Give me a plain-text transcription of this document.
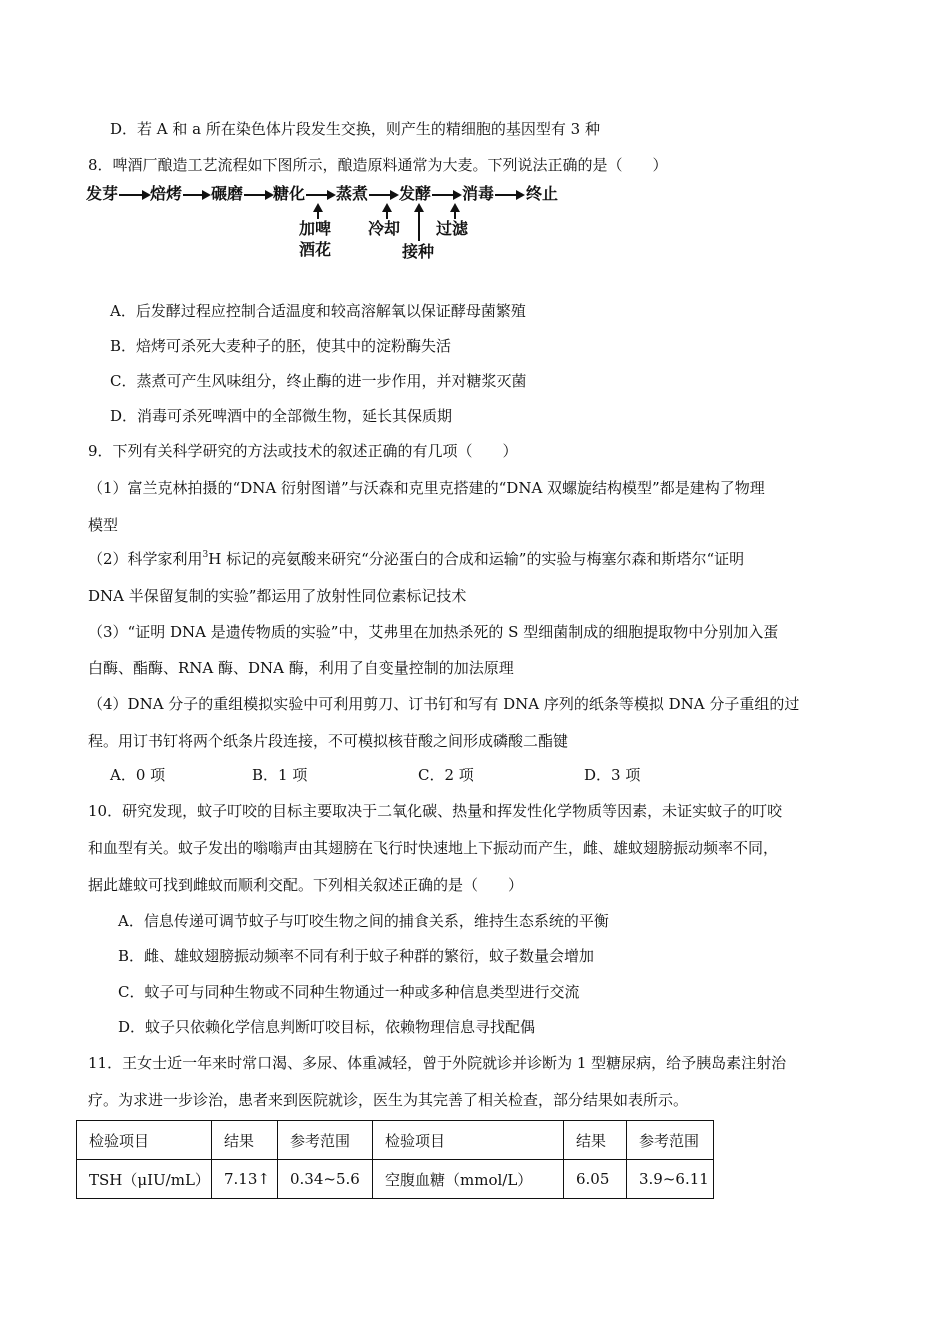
D．若 A 和 a 所在染色体片段发生交换，则产生的精细胞的基因型有 3 种
8．啤酒厂酿造工艺流程如下图所示，酿造原料通常为大麦。下列说法正确的是（　　）
发芽 焙烤 碾磨 糖化 蒸煮 发酵 消毒 终止
加啤
酒花
冷却
接种
过滤
A．后发酵过程应控制合适温度和较高溶解氧以保证酵母菌繁殖
B．焙烤可杀死大麦种子的胚，使其中的淀粉酶失活
C．蒸煮可产生风味组分，终止酶的进一步作用，并对糖浆灭菌
D．消毒可杀死啤酒中的全部微生物，延长其保质期
9．下列有关科学研究的方法或技术的叙述正确的有几项（　　）
（1）富兰克林拍摄的“DNA 衍射图谱”与沃森和克里克搭建的“DNA 双螺旋结构模型”都是建构了物理
模型
（2）科学家利用$^3$H 标记的亮氨酸来研究“分泌蛋白的合成和运输”的实验与梅塞尔森和斯塔尔“证明
DNA 半保留复制的实验”都运用了放射性同位素标记技术
（3）“证明 DNA 是遗传物质的实验”中，艾弗里在加热杀死的 S 型细菌制成的细胞提取物中分别加入蛋
白酶、酯酶、RNA 酶、DNA 酶，利用了自变量控制的加法原理
（4）DNA 分子的重组模拟实验中可利用剪刀、订书钉和写有 DNA 序列的纸条等模拟 DNA 分子重组的过
程。用订书钉将两个纸条片段连接，不可模拟核苷酸之间形成磷酸二酯键
A．0 项	B．1 项	C．2 项	D．3 项
10．研究发现，蚊子叮咬的目标主要取决于二氧化碳、热量和挥发性化学物质等因素，未证实蚊子的叮咬
和血型有关。蚊子发出的嗡嗡声由其翅膀在飞行时快速地上下振动而产生，雌、雄蚊翅膀振动频率不同，
据此雄蚊可找到雌蚊而顺利交配。下列相关叙述正确的是（　　）
A．信息传递可调节蚊子与叮咬生物之间的捕食关系，维持生态系统的平衡
B．雌、雄蚊翅膀振动频率不同有利于蚊子种群的繁衍，蚊子数量会增加
C．蚊子可与同种生物或不同种生物通过一种或多种信息类型进行交流
D．蚊子只依赖化学信息判断叮咬目标，依赖物理信息寻找配偶
11．王女士近一年来时常口渴、多尿、体重减轻，曾于外院就诊并诊断为 1 型糖尿病，给予胰岛素注射治
疗。为求进一步诊治，患者来到医院就诊，医生为其完善了相关检查，部分结果如表所示。
检验项目	结果	参考范围	检验项目	结果	参考范围
TSH（μIU/mL）	7.13↑	0.34~5.6	空腹血糖（mmol/L）	6.05	3.9~6.11
